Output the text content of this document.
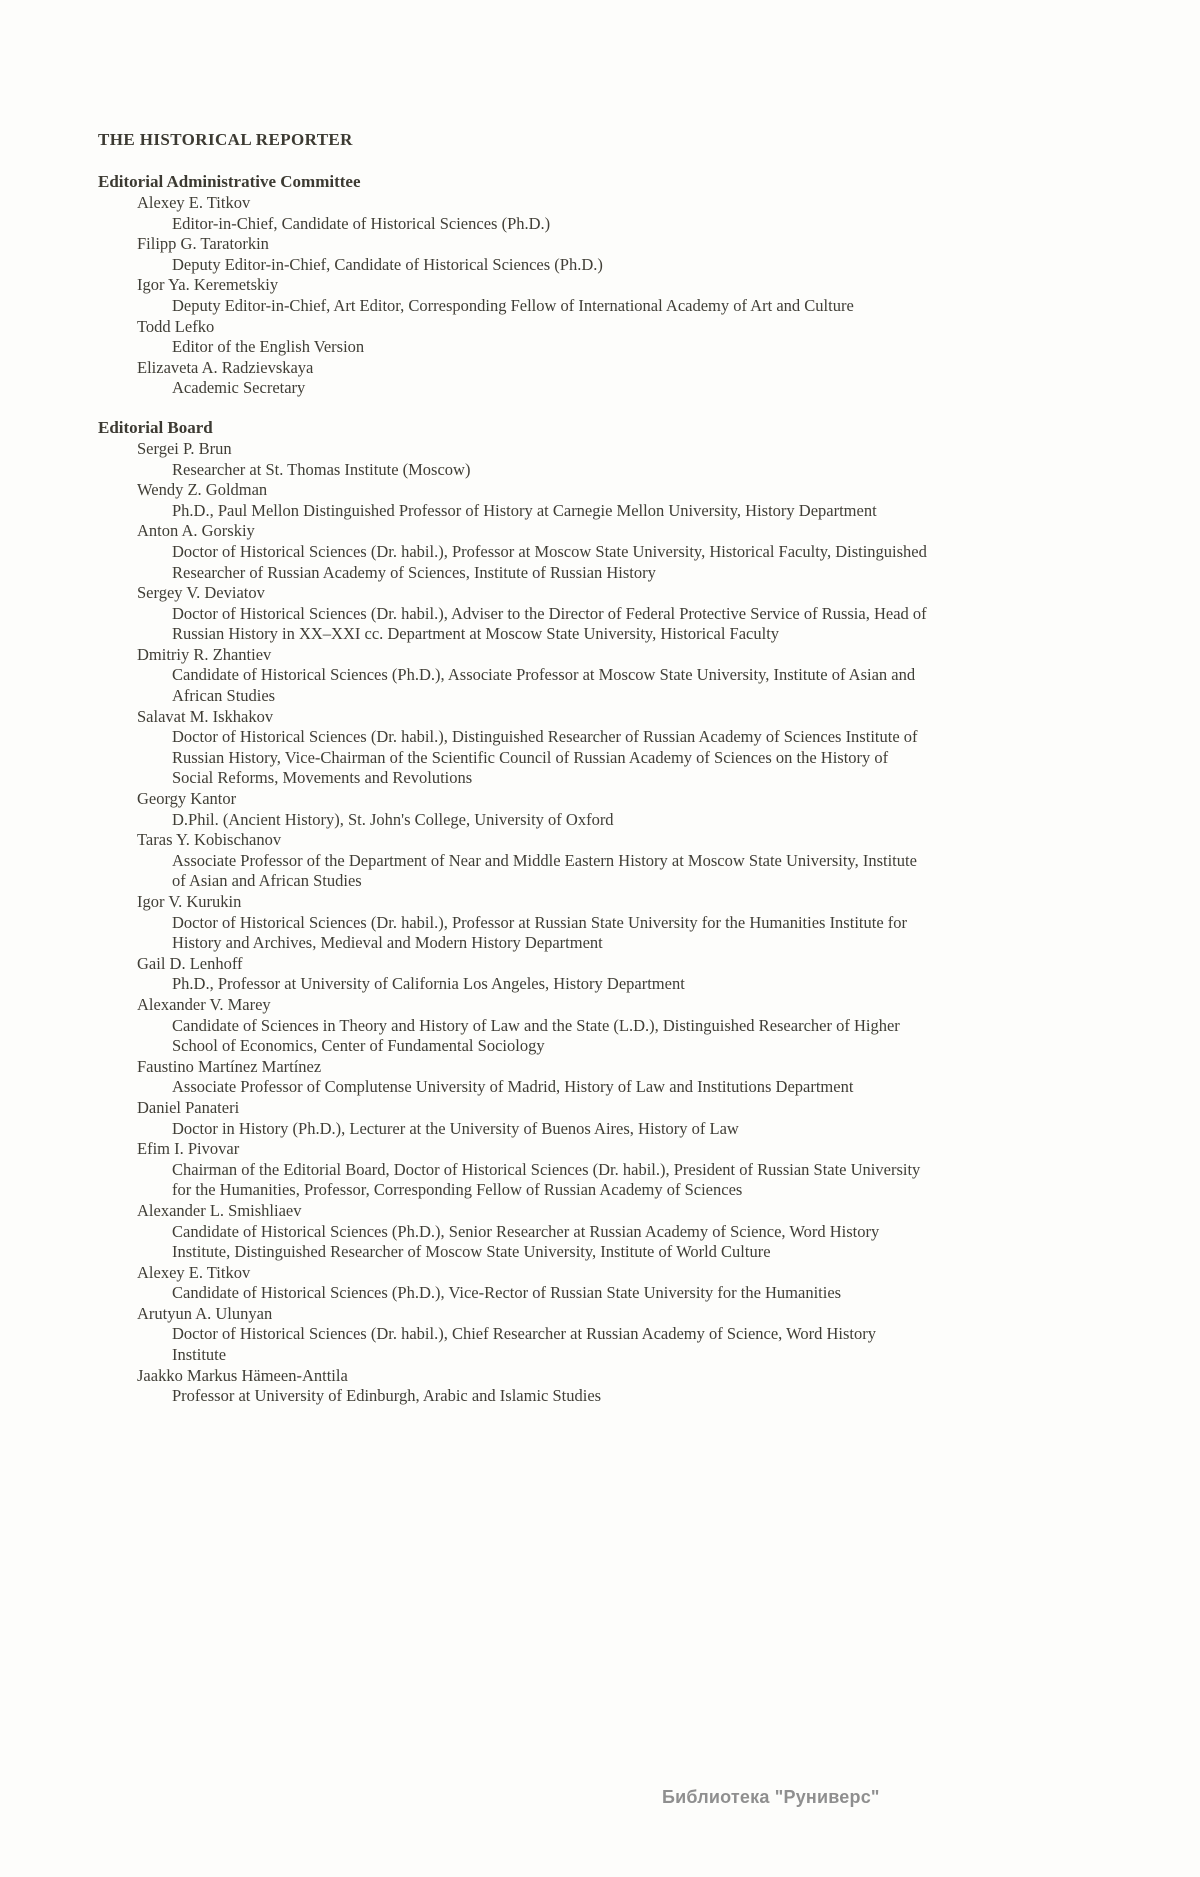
THE HISTORICAL REPORTER
Editorial Administrative Committee
Alexey E. Titkov
Editor-in-Chief, Candidate of Historical Sciences (Ph.D.)
Filipp G. Taratorkin
Deputy Editor-in-Chief, Candidate of Historical Sciences (Ph.D.)
Igor Ya. Keremetskiy
Deputy Editor-in-Chief, Art Editor, Corresponding Fellow of International Academy of Art and Culture
Todd Lefko
Editor of the English Version
Elizaveta A. Radzievskaya
Academic Secretary
Editorial Board
Sergei P. Brun
Researcher at St. Thomas Institute (Moscow)
Wendy Z. Goldman
Ph.D., Paul Mellon Distinguished Professor of History at Carnegie Mellon University, History Department
Anton A. Gorskiy
Doctor of Historical Sciences (Dr. habil.), Professor at Moscow State University, Historical Faculty, Distinguished Researcher of Russian Academy of Sciences, Institute of Russian History
Sergey V. Deviatov
Doctor of Historical Sciences (Dr. habil.), Adviser to the Director of Federal Protective Service of Russia, Head of Russian History in XX–XXI cc. Department at Moscow State University, Historical Faculty
Dmitriy R. Zhantiev
Candidate of Historical Sciences (Ph.D.), Associate Professor at Moscow State University, Institute of Asian and African Studies
Salavat M. Iskhakov
Doctor of Historical Sciences (Dr. habil.), Distinguished Researcher of Russian Academy of Sciences Institute of Russian History, Vice-Chairman of the Scientific Council of Russian Academy of Sciences on the History of Social Reforms, Movements and Revolutions
Georgy Kantor
D.Phil. (Ancient History), St. John's College, University of Oxford
Taras Y. Kobischanov
Associate Professor of the Department of Near and Middle Eastern History at Moscow State University, Institute of Asian and African Studies
Igor V. Kurukin
Doctor of Historical Sciences (Dr. habil.), Professor at Russian State University for the Humanities Institute for History and Archives, Medieval and Modern History Department
Gail D. Lenhoff
Ph.D., Professor at University of California Los Angeles, History Department
Alexander V. Marey
Candidate of Sciences in Theory and History of Law and the State (L.D.), Distinguished Researcher of Higher School of Economics, Center of Fundamental Sociology
Faustino Martínez Martínez
Associate Professor of Complutense University of Madrid, History of Law and Institutions Department
Daniel Panateri
Doctor in History (Ph.D.), Lecturer at the University of Buenos Aires, History of Law
Efim I. Pivovar
Chairman of the Editorial Board, Doctor of Historical Sciences (Dr. habil.), President of Russian State University for the Humanities, Professor, Corresponding Fellow of Russian Academy of Sciences
Alexander L. Smishliaev
Candidate of Historical Sciences (Ph.D.), Senior Researcher at Russian Academy of Science, Word History Institute, Distinguished Researcher of Moscow State University, Institute of World Culture
Alexey E. Titkov
Candidate of Historical Sciences (Ph.D.), Vice-Rector of Russian State University for the Humanities
Arutyun A. Ulunyan
Doctor of Historical Sciences (Dr. habil.), Chief Researcher at Russian Academy of Science, Word History Institute
Jaakko Markus Hämeen-Anttila
Professor at University of Edinburgh, Arabic and Islamic Studies
Библиотека "Руниверс"
